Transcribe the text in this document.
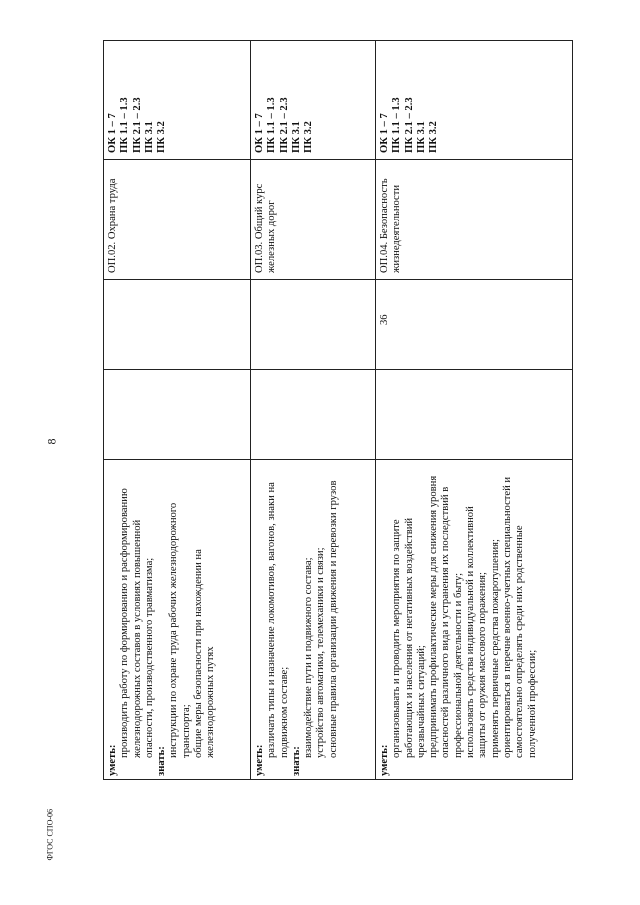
8
уметь:
производить работу по формированию и расформированию железнодорожных составов в условиях повышенной опасности, производственного травматизма;
знать:
инструкции по охране труда рабочих железнодорожного транспорта; общие меры безопасности при нахождении на железнодорожных путях
ОП.02. Охрана труда
ОК 1 – 7 ПК 1.1 – 1.3 ПК 2.1 – 2.3 ПК 3.1 ПК 3.2
уметь:
различать типы и назначение локомотивов, вагонов, знаки на подвижном составе;
знать:
взаимодействие пути и подвижного состава; устройство автоматики, телемеханики и связи; основные правила организации движения и перевозки грузов
ОП.03. Общий курс железных дорог
ОК 1 – 7 ПК 1.1 – 1.3 ПК 2.1 – 2.3 ПК 3.1 ПК 3.2
уметь:
организовывать и проводить мероприятия по защите работающих и населения от негативных воздействий чрезвычайных ситуаций; предпринимать профилактические меры для снижения уровня опасностей различного вида и устранения их последствий в профессиональной деятельности и быту; использовать средства индивидуальной и коллективной защиты от оружия массового поражения; применять первичные средства пожаротушения; ориентироваться в перечне военно-учетных специальностей и самостоятельно определять среди них родственные полученной профессии;
36
ОП.04. Безопасность жизнедеятельности
ОК 1 – 7 ПК 1.1 – 1.3 ПК 2.1 – 2.3 ПК 3.1 ПК 3.2
ФГОС СПО-06
